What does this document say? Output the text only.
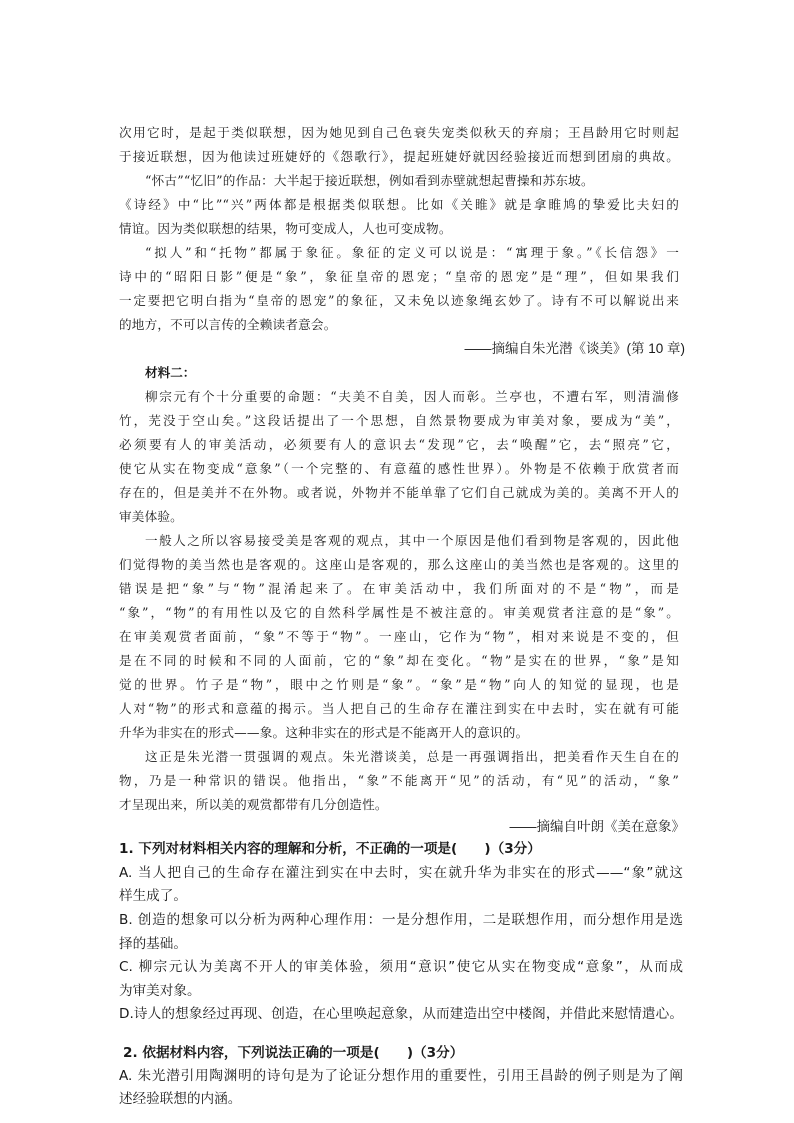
次用它时，是起于类似联想，因为她见到自己色衰失宠类似秋天的弃扇；王昌龄用它时则起
于接近联想，因为他读过班婕妤的《怨歌行》，提起班婕妤就因经验接近而想到团扇的典故。
“怀古”“忆旧”的作品：大半起于接近联想，例如看到赤壁就想起曹操和苏东坡。
《诗经》中“比”“兴”两体都是根据类似联想。比如《关睢》就是拿睢鸠的挚爱比夫妇的
情谊。因为类似联想的结果，物可变成人，人也可变成物。
“拟人”和“托物”都属于象征。象征的定义可以说是：“寓理于象。”《长信怨》一
诗中的“昭阳日影”便是“象”，象征皇帝的恩宠；“皇帝的恩宠”是“理”，但如果我们
一定要把它明白指为“皇帝的恩宠”的象征，又未免以迹象绳玄妙了。诗有不可以解说出来
的地方，不可以言传的全赖读者意会。
——摘编自朱光潜《谈美》(第 10 章)
材料二：
柳宗元有个十分重要的命题：“夫美不自美，因人而彰。兰亭也，不遭右军，则清湍修
竹，芜没于空山矣。”这段话提出了一个思想，自然景物要成为审美对象，要成为“美”，
必须要有人的审美活动，必须要有人的意识去“发现”它，去“唤醒”它，去“照亮”它，
使它从实在物变成“意象”（一个完整的、有意蕴的感性世界）。外物是不依赖于欣赏者而
存在的，但是美并不在外物。或者说，外物并不能单靠了它们自己就成为美的。美离不开人的
审美体验。
一般人之所以容易接受美是客观的观点，其中一个原因是他们看到物是客观的，因此他
们觉得物的美当然也是客观的。这座山是客观的，那么这座山的美当然也是客观的。这里的
错误是把“象”与“物”混淆起来了。在审美活动中，我们所面对的不是“物”，而是
“象”，“物”的有用性以及它的自然科学属性是不被注意的。审美观赏者注意的是“象”。
在审美观赏者面前，“象”不等于“物”。一座山，它作为“物”，相对来说是不变的，但
是在不同的时候和不同的人面前，它的“象”却在变化。“物”是实在的世界，“象”是知
觉的世界。竹子是“物”，眼中之竹则是“象”。“象”是“物”向人的知觉的显现，也是
人对“物”的形式和意蕴的揭示。当人把自己的生命存在灌注到实在中去时，实在就有可能
升华为非实在的形式——象。这种非实在的形式是不能离开人的意识的。
这正是朱光潜一贯强调的观点。朱光潜谈美，总是一再强调指出，把美看作天生自在的
物，乃是一种常识的错误。他指出，“象”不能离开“见”的活动，有“见”的活动，“象”
才呈现出来，所以美的观赏都带有几分创造性。
——摘编自叶朗《美在意象》
1. 下列对材料相关内容的理解和分析，不正确的一项是(　　)（3分）
A. 当人把自己的生命存在灌注到实在中去时，实在就升华为非实在的形式——“象”就这
样生成了。
B. 创造的想象可以分析为两种心理作用：一是分想作用，二是联想作用，而分想作用是选
择的基础。
C. 柳宗元认为美离不开人的审美体验，须用“意识”使它从实在物变成“意象”，从而成
为审美对象。
D.诗人的想象经过再现、创造，在心里唤起意象，从而建造出空中楼阁，并借此来慰情遣心。
2. 依据材料内容，下列说法正确的一项是(　　)（3分）
A. 朱光潜引用陶渊明的诗句是为了论证分想作用的重要性，引用王昌龄的例子则是为了阐
述经验联想的内涵。
